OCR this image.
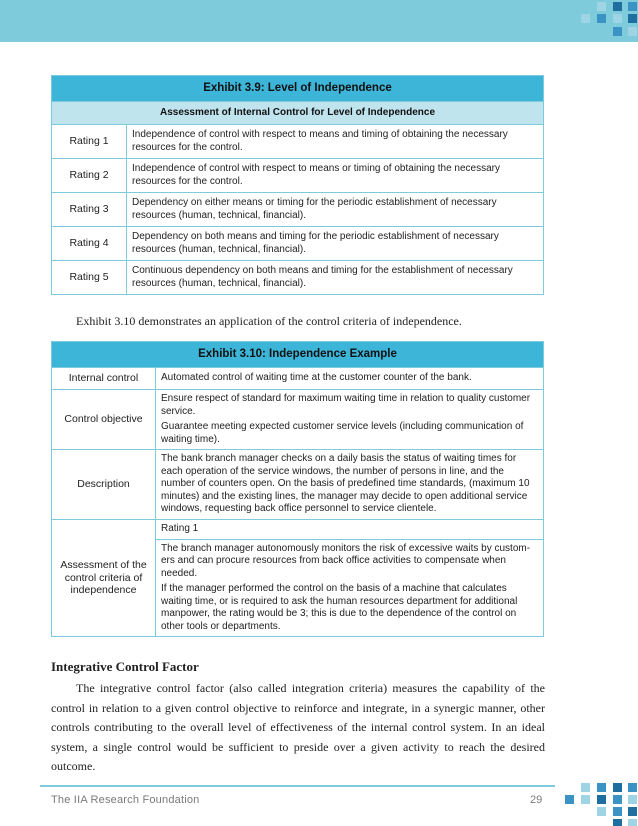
Exhibit 3.9: Level of Independence	
Assessment of Internal Control for Level of Independence	
Rating 1	Independence of control with respect to means and timing of obtaining the necessary resources for the control.
Rating 2	Independence of control with respect to means or timing of obtaining the necessary resources for the control.
Rating 3	Dependency on either means or timing for the periodic establishment of necessary resources (human, technical, financial).
Rating 4	Dependency on both means and timing for the periodic establishment of necessary resources (human, technical, financial).
Rating 5	Continuous dependency on both means and timing for the establishment of necessary resources (human, technical, financial).
Exhibit 3.10 demonstrates an application of the control criteria of independence.
Exhibit 3.10: Independence Example	
Internal control	Automated control of waiting time at the customer counter of the bank.
Control objective	Ensure respect of standard for maximum waiting time in relation to quality customer service.

Guarantee meeting expected customer service levels (including communication of waiting time).

Description	The bank branch manager checks on a daily basis the status of waiting times for each operation of the service windows, the number of persons in line, and the number of counters open. On the basis of predefined time standards, (maximum 10 minutes) and the existing lines, the manager may decide to open additional service windows, requesting back office personnel to service clientele.
Assessment of the control criteria of independence	Rating 1

	The branch manager autonomously monitors the risk of excessive waits by custom-ers and can procure resources from back office activities to compensate when needed.

If the manager performed the control on the basis of a machine that calculates waiting time, or is required to ask the human resources department for additional manpower, the rating would be 3; this is due to the dependence of the control on other tools or departments.

Integrative Control Factor

The integrative control factor (also called integration criteria) measures the capability of the control in relation to a given control objective to reinforce and integrate, in a synergic manner, other controls contributing to the overall level of effectiveness of the internal control system. In an ideal system, a single control would be sufficient to preside over a given activity to reach the desired outcome.

The IIA Research Foundation	29
